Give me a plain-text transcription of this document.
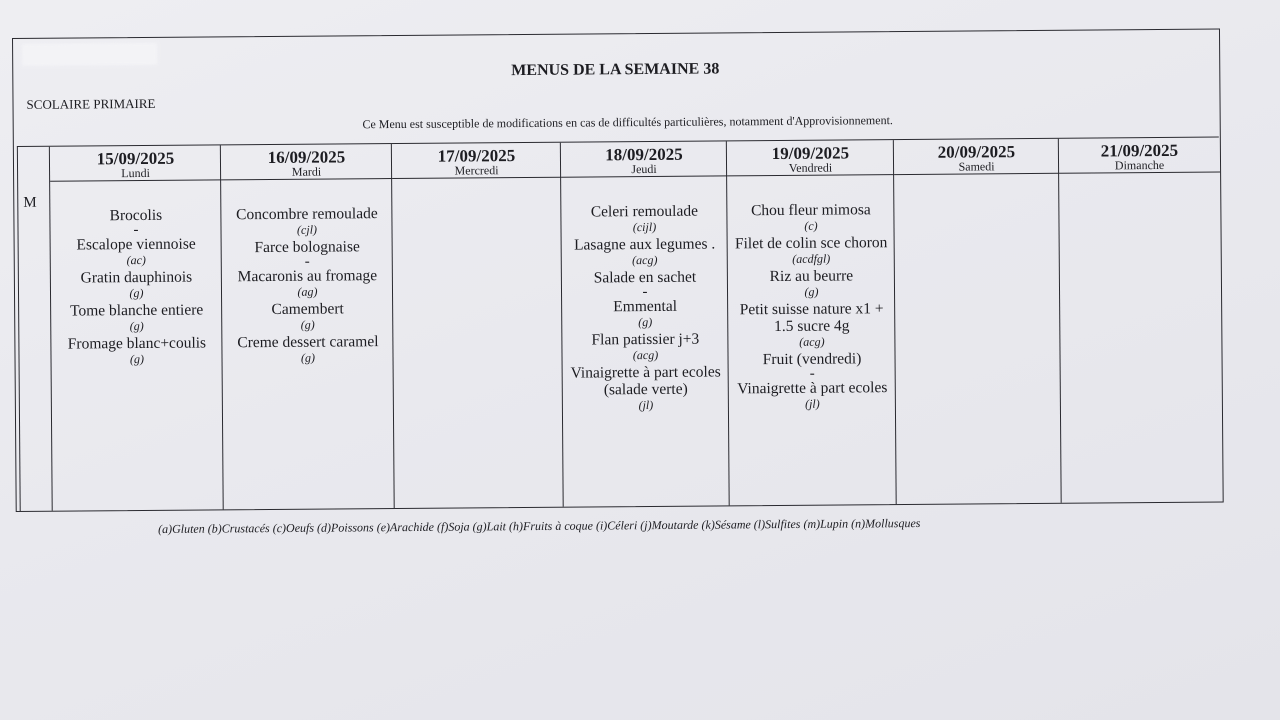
MENUS DE LA SEMAINE 38
SCOLAIRE PRIMAIRE
Ce Menu est susceptible de modifications en cas de difficultés particulières, notamment d'Approvisionnement.
M
15/09/2025
Lundi
Brocolis
-
Escalope viennoise
(ac)
Gratin dauphinois
(g)
Tome blanche entiere
(g)
Fromage blanc+coulis
(g)
16/09/2025
Mardi
Concombre remoulade
(cjl)
Farce bolognaise
-
Macaronis au fromage
(ag)
Camembert
(g)
Creme dessert caramel
(g)
17/09/2025
Mercredi
18/09/2025
Jeudi
Celeri remoulade
(cijl)
Lasagne aux legumes .
(acg)
Salade en sachet
-
Emmental
(g)
Flan patissier j+3
(acg)
Vinaigrette à part ecoles (salade verte)
(jl)
19/09/2025
Vendredi
Chou fleur mimosa
(c)
Filet de colin sce choron
(acdfgl)
Riz au beurre
(g)
Petit suisse nature x1 + 1.5 sucre 4g
(acg)
Fruit (vendredi)
-
Vinaigrette à part ecoles
(jl)
20/09/2025
Samedi
21/09/2025
Dimanche
(a)Gluten (b)Crustacés (c)Oeufs (d)Poissons (e)Arachide (f)Soja (g)Lait (h)Fruits à coque (i)Céleri (j)Moutarde (k)Sésame (l)Sulfites (m)Lupin (n)Mollusques
